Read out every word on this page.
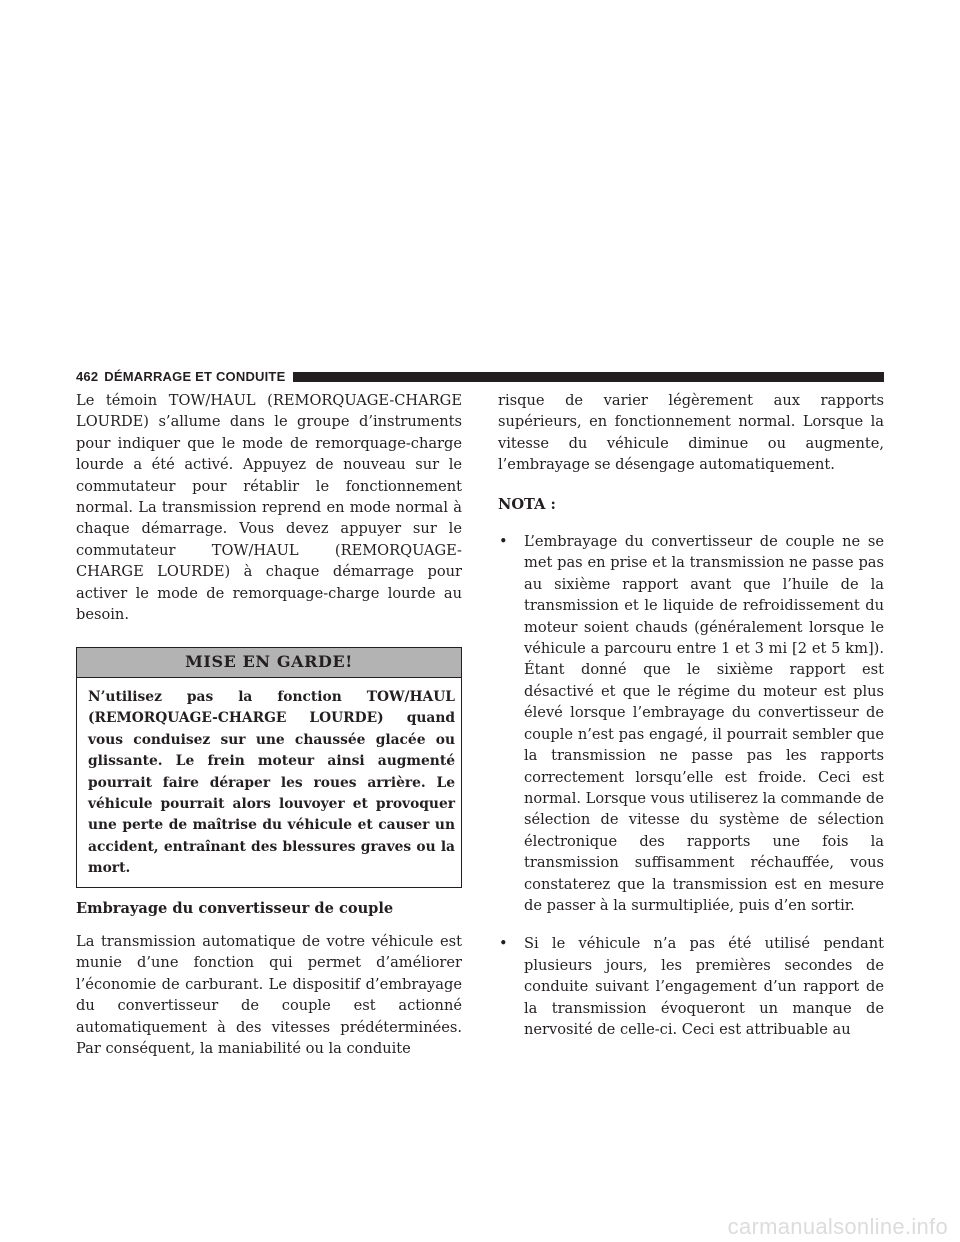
462 DÉMARRAGE ET CONDUITE

Le témoin TOW/HAUL (REMORQUAGE-CHARGE LOURDE) s’allume dans le groupe d’instruments pour indiquer que le mode de remorquage-charge lourde a été activé. Appuyez de nouveau sur le commutateur pour rétablir le fonctionnement normal. La transmission reprend en mode normal à chaque démarrage. Vous devez appuyer sur le commutateur TOW/HAUL (REMORQUAGE-CHARGE LOURDE) à chaque démarrage pour activer le mode de remorquage-charge lourde au besoin.

MISE EN GARDE!
N’utilisez pas la fonction TOW/HAUL (REMORQUAGE-CHARGE LOURDE) quand vous conduisez sur une chaussée glacée ou glissante. Le frein moteur ainsi augmenté pourrait faire déraper les roues arrière. Le véhicule pourrait alors louvoyer et provoquer une perte de maîtrise du véhicule et causer un accident, entraînant des blessures graves ou la mort.

Embrayage du convertisseur de couple

La transmission automatique de votre véhicule est munie d’une fonction qui permet d’améliorer l’économie de carburant. Le dispositif d’embrayage du convertisseur de couple est actionné automatiquement à des vitesses prédéterminées. Par conséquent, la maniabilité ou la conduite

risque de varier légèrement aux rapports supérieurs, en fonctionnement normal. Lorsque la vitesse du véhicule diminue ou augmente, l’embrayage se désengage automatiquement.

NOTA :

• L’embrayage du convertisseur de couple ne se met pas en prise et la transmission ne passe pas au sixième rapport avant que l’huile de la transmission et le liquide de refroidissement du moteur soient chauds (généralement lorsque le véhicule a parcouru entre 1 et 3 mi [2 et 5 km]). Étant donné que le sixième rapport est désactivé et que le régime du moteur est plus élevé lorsque l’embrayage du convertisseur de couple n’est pas engagé, il pourrait sembler que la transmission ne passe pas les rapports correctement lorsqu’elle est froide. Ceci est normal. Lorsque vous utiliserez la commande de sélection de vitesse du système de sélection électronique des rapports une fois la transmission suffisamment réchauffée, vous constaterez que la transmission est en mesure de passer à la surmultipliée, puis d’en sortir.
• Si le véhicule n’a pas été utilisé pendant plusieurs jours, les premières secondes de conduite suivant l’engagement d’un rapport de la transmission évoqueront un manque de nervosité de celle-ci. Ceci est attribuable au
carmanualsonline.info
